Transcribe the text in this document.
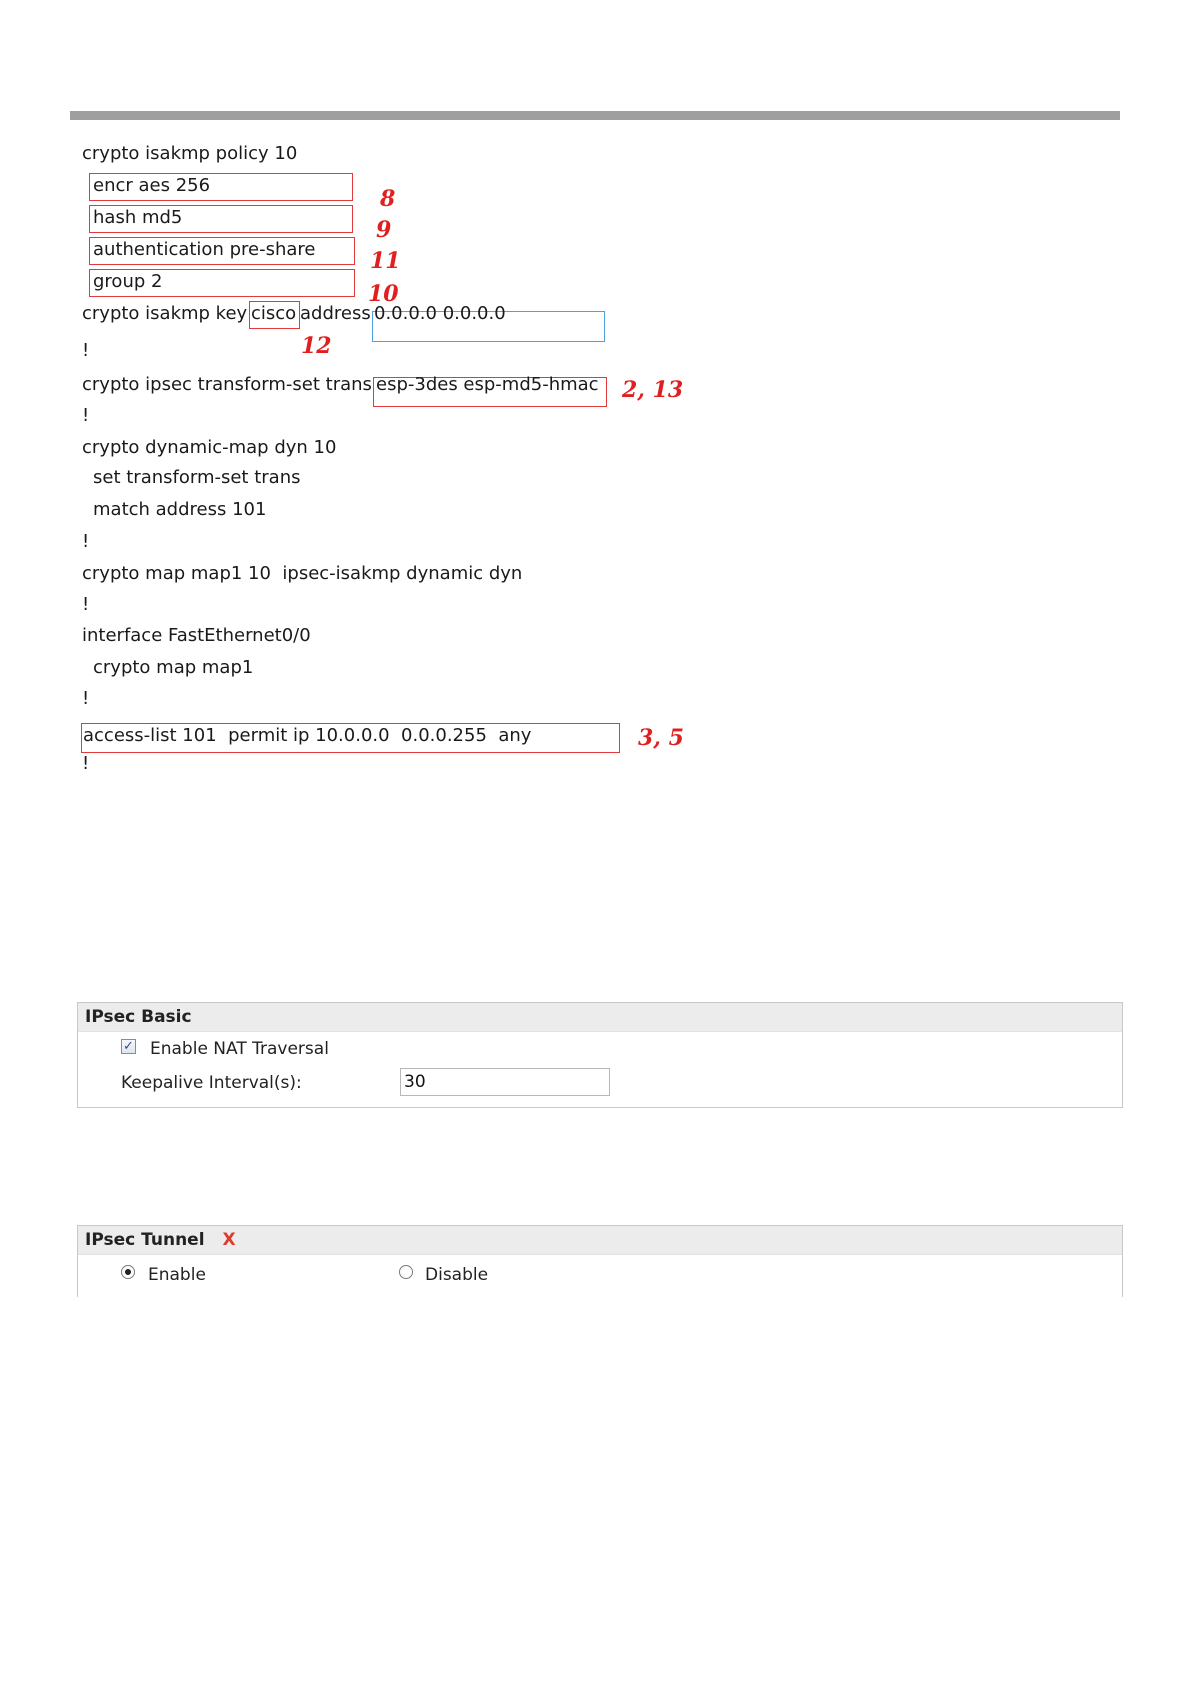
crypto isakmp policy 10
encr aes 256
8
hash md5	9
authentication pre-share 11
group 2	10
crypto isakmp key cisco address 0.0.0.0 0.0.0.0
12
!
crypto ipsec transform-set trans esp-3des esp-md5-hmac 2, 13
!
crypto dynamic-map dyn 10
set transform-set trans
match address 101
!
crypto map map1 10  ipsec-isakmp dynamic dyn
!
interface FastEthernet0/0
crypto map map1
!
access-list 101  permit ip 10.0.0.0  0.0.0.255  any	3, 5
!
IPsec Basic
✓ Enable NAT Traversal
Keepalive Interval(s):	30
IPsec Tunnel X
Enable	Disable
